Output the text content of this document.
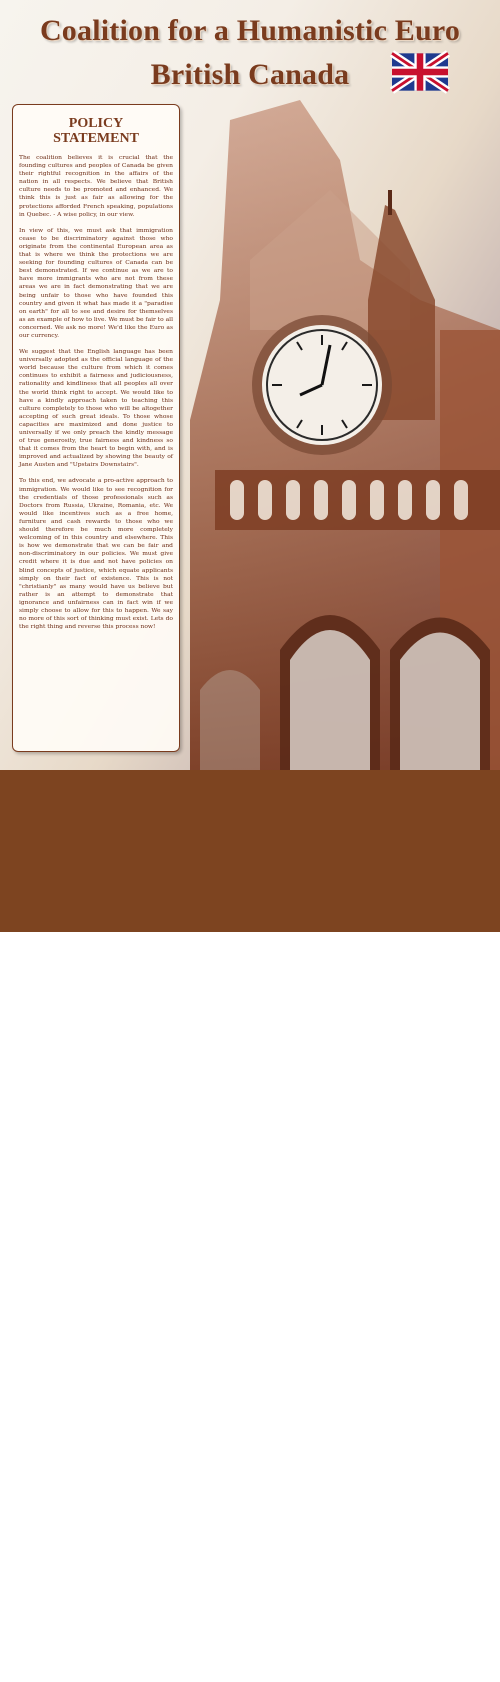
Coalition for a Humanistic Euro
British Canada
POLICY
STATEMENT

The coalition believes it is crucial that the founding cultures and peoples of Canada be given their rightful recognition in the affairs of the nation in all respects. We believe that British culture needs to be promoted and enhanced. We think this is just as fair as allowing for the protections afforded French speaking, populations in Quebec. - A wise policy, in our view.

In view of this, we must ask that immigration cease to be discriminatory against those who originate from the continental European area as that is where we think the protections we are seeking for founding cultures of Canada can be best demonstrated. If we continue as we are to have more immigrants who are not from these areas we are in fact demonstrating that we are being unfair to those who have founded this country and given it what has made it a "paradise on earth" for all to see and desire for themselves as an example of how to live. We must be fair to all concerned. We ask no more! We'd like the Euro as our currency.

We suggest that the English language has been universally adopted as the official language of the world because the culture from which it comes continues to exhibit a fairness and judiciousness, rationality and kindliness that all peoples all over the world think right to accept. We would like to have a kindly approach taken to teaching this culture completely to those who will be altogether accepting of such great ideals. To those whose capacities are maximized and done justice to universally if we only preach the kindly message of true generosity, true fairness and kindness so that it comes from the heart to begin with, and is improved and actualized by showing the beauty of Jane Austen and "Upstairs Downstairs".

To this end, we advocate a pro-active approach to immigration. We would like to see recognition for the credentials of those professionals such as Doctors from Russia, Ukraine, Romania, etc. We would like incentives such as a free home, furniture and cash rewards to those who we should therefore be much more completely welcoming of in this country and elsewhere. This is how we demonstrate that we can be fair and non-discriminatory in our policies. We must give credit where it is due and not have policies on blind concepts of justice, which equate applicants simply on their fact of existence. This is not "christianly" as many would have us believe but rather is an attempt to demonstrate that ignorance and unfairness can in fact win if we simply choose to allow for this to happen. We say no more of this sort of thinking must exist. Lets do the right thing and reverse this process now!

Coalition Euro British Canada
Mr. Michael Rizzo Chessman, Founder
www.britishcanada.org
